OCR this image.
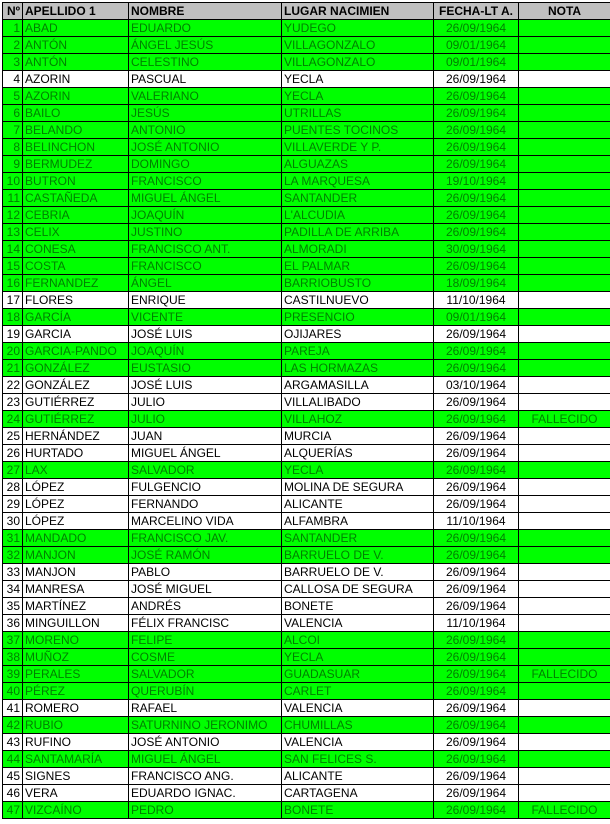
Nº	APELLIDO 1	NOMBRE	LUGAR NACIMIEN	FECHA-LT A.	NOTA
1	ABAD	EDUARDO	YUDEGO	26/09/1964	
2	ANTÓN	ÁNGEL JESÚS	VILLAGONZALO	09/01/1964	
3	ANTÓN	CELESTINO	VILLAGONZALO	09/01/1964	
4	AZORIN	PASCUAL	YECLA	26/09/1964	
5	AZORIN	VALERIANO	YECLA	26/09/1964	
6	BAILO	JESÚS	UTRILLAS	26/09/1964	
7	BELANDO	ANTONIO	PUENTES TOCINOS	26/09/1964	
8	BELINCHON	JOSÉ ANTONIO	VILLAVERDE Y P.	26/09/1964	
9	BERMUDEZ	DOMINGO	ALGUAZAS	26/09/1964	
10	BUTRON	FRANCISCO	LA MARQUESA	19/10/1964	
11	CASTAÑEDA	MIGUEL ÁNGEL	SANTANDER	26/09/1964	
12	CEBRIA	JOAQUÍN	L'ALCUDIA	26/09/1964	
13	CELIX	JUSTINO	PADILLA DE ARRIBA	26/09/1964	
14	CONESA	FRANCISCO ANT.	ALMORADI	30/09/1964	
15	COSTA	FRANCISCO	EL PALMAR	26/09/1964	
16	FERNANDEZ	ÁNGEL	BARRIOBUSTO	18/09/1964	
17	FLORES	ENRIQUE	CASTILNUEVO	11/10/1964	
18	GARCÍA	VICENTE	PRESENCIO	09/01/1964	
19	GARCIA	JOSÉ LUIS	OJIJARES	26/09/1964	
20	GARCIA-PANDO	JOAQUÍN	PAREJA	26/09/1964	
21	GONZÁLEZ	EUSTASIO	LAS HORMAZAS	26/09/1964	
22	GONZÁLEZ	JOSÉ LUIS	ARGAMASILLA	03/10/1964	
23	GUTIÉRREZ	JULIO	VILLALIBADO	26/09/1964	
24	GUTIÉRREZ	JULIO	VILLAHOZ	26/09/1964	FALLECIDO
25	HERNÁNDEZ	JUAN	MURCIA	26/09/1964	
26	HURTADO	MIGUEL ÁNGEL	ALQUERÍAS	26/09/1964	
27	LAX	SALVADOR	YECLA	26/09/1964	
28	LÓPEZ	FULGENCIO	MOLINA DE SEGURA	26/09/1964	
29	LÓPEZ	FERNANDO	ALICANTE	26/09/1964	
30	LÓPEZ	MARCELINO VIDA	ALFAMBRA	11/10/1964	
31	MANDADO	FRANCISCO JAV.	SANTANDER	26/09/1964	
32	MANJON	JOSÉ RAMÓN	BARRUELO DE V.	26/09/1964	
33	MANJON	PABLO	BARRUELO DE V.	26/09/1964	
34	MANRESA	JOSÉ MIGUEL	CALLOSA DE SEGURA	26/09/1964	
35	MARTÍNEZ	ANDRÉS	BONETE	26/09/1964	
36	MINGUILLON	FÉLIX FRANCISC	VALENCIA	11/10/1964	
37	MORENO	FELIPE	ALCOI	26/09/1964	
38	MUÑOZ	COSME	YECLA	26/09/1964	
39	PERALES	SALVADOR	GUADASUAR	26/09/1964	FALLECIDO
40	PÉREZ	QUERUBÍN	CARLET	26/09/1964	
41	ROMERO	RAFAEL	VALENCIA	26/09/1964	
42	RUBIO	SATURNINO JERONIMO	CHUMILLAS	26/09/1964	
43	RUFINO	JOSÉ ANTONIO	VALENCIA	26/09/1964	
44	SANTAMARÍA	MIGUEL ÁNGEL	SAN FELICES S.	26/09/1964	
45	SIGNES	FRANCISCO ANG.	ALICANTE	26/09/1964	
46	VERA	EDUARDO IGNAC.	CARTAGENA	26/09/1964	
47	VIZCAÍNO	PEDRO	BONETE	26/09/1964	FALLECIDO
